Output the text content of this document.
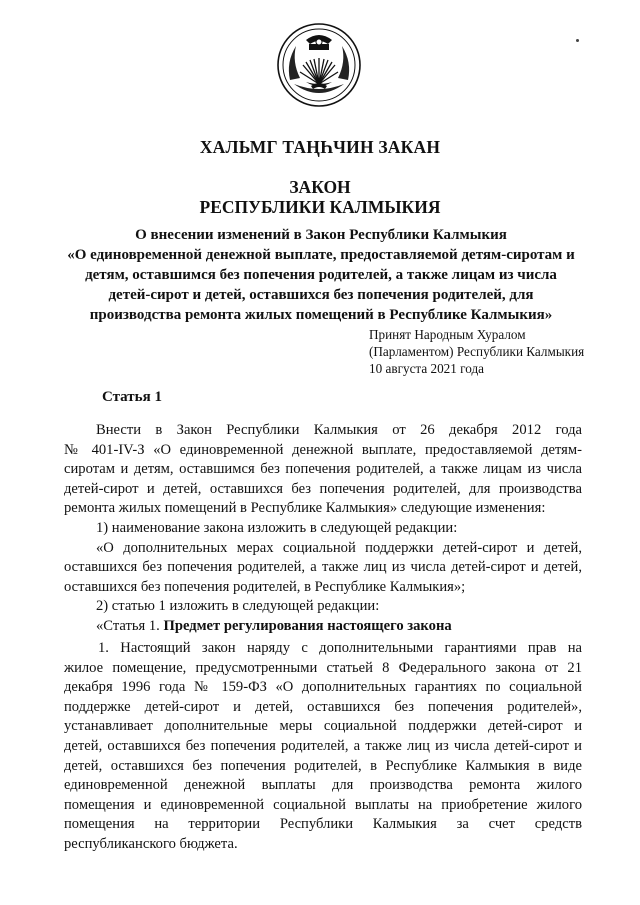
ХАЛЬМГ ТАҢҺЧИН ЗАКАН

ЗАКОН
РЕСПУБЛИКИ КАЛМЫКИЯ

О внесении изменений в Закон Республики Калмыкия
«О единовременной денежной выплате, предоставляемой детям-сиротам и
детям, оставшимся без попечения родителей, а также лицам из числа
детей-сирот и детей, оставшихся без попечения родителей, для
производства ремонта жилых помещений в Республике Калмыкия»

Принят Народным Хуралом
(Парламентом) Республики Калмыкия
10 августа 2021 года

Статья 1

Внести в Закон Республики Калмыкия от 26 декабря 2012 года
№ 401-IV-З «О единовременной денежной выплате, предоставляемой детям-
сиротам и детям, оставшимся без попечения родителей, а также лицам из числа
детей-сирот и детей, оставшихся без попечения родителей, для производства
ремонта жилых помещений в Республике Калмыкия» следующие изменения:
1) наименование закона изложить в следующей редакции:
«О дополнительных мерах социальной поддержки детей-сирот и детей,
оставшихся без попечения родителей, а также лиц из числа детей-сирот и детей,
оставшихся без попечения родителей, в Республике Калмыкия»;
2) статью 1 изложить в следующей редакции:
«Статья 1. Предмет регулирования настоящего закона

1. Настоящий закон наряду с дополнительными гарантиями прав на
жилое помещение, предусмотренными статьей 8 Федерального закона от 21
декабря 1996 года № 159-ФЗ «О дополнительных гарантиях по социальной
поддержке детей-сирот и детей, оставшихся без попечения родителей»,
устанавливает дополнительные меры социальной поддержки детей-сирот и
детей, оставшихся без попечения родителей, а также лиц из числа детей-сирот и
детей, оставшихся без попечения родителей, в Республике Калмыкия в виде
единовременной денежной выплаты для производства ремонта жилого
помещения и единовременной социальной выплаты на приобретение жилого
помещения на территории Республики Калмыкия за счет средств
республиканского бюджета.
